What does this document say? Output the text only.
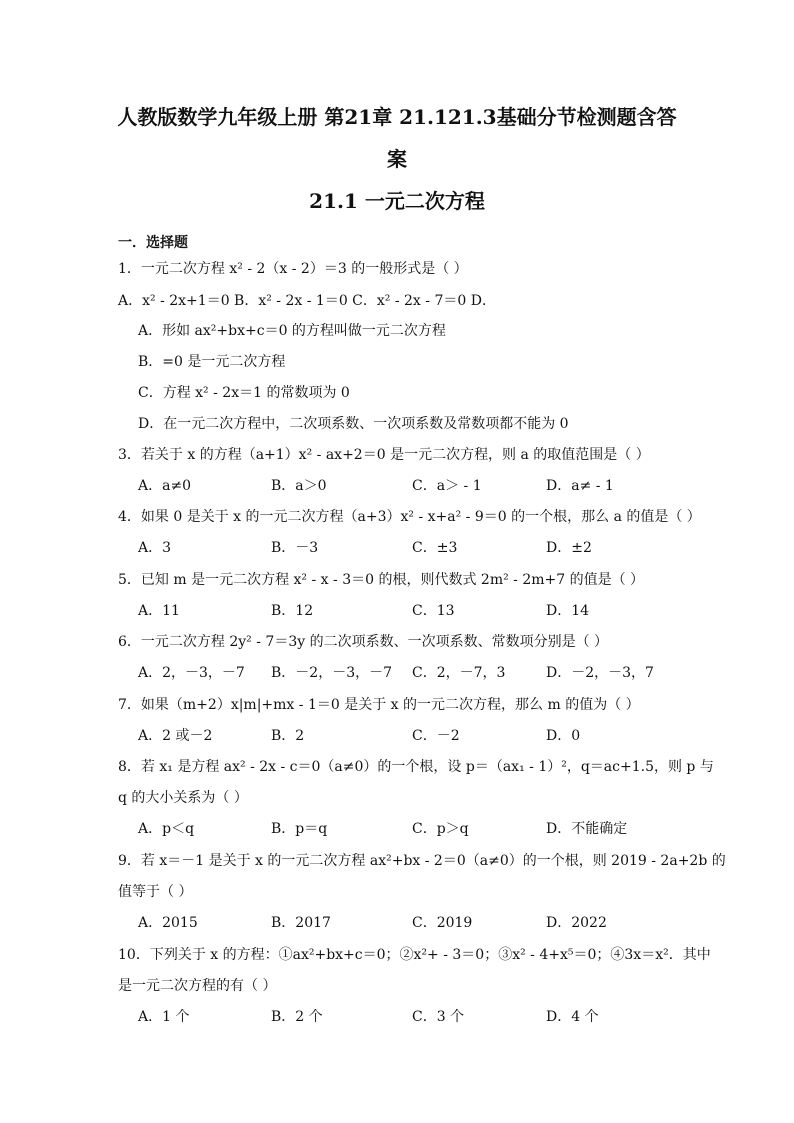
人教版数学九年级上册 第21章 21.121.3基础分节检测题含答
案
21.1 一元二次方程
一．选择题
1．一元二次方程 x² - 2（x - 2）＝3 的一般形式是（ ）
A．x² - 2x+1＝0 B．x² - 2x - 1＝0 C．x² - 2x - 7＝0 D．
A．形如 ax²+bx+c＝0 的方程叫做一元二次方程
B．=0 是一元二次方程
C．方程 x² - 2x＝1 的常数项为 0
D．在一元二次方程中，二次项系数、一次项系数及常数项都不能为 0
3．若关于 x 的方程（a+1）x² - ax+2＝0 是一元二次方程，则 a 的取值范围是（ ）
A．a≠0	B．a＞0	C．a＞ - 1	D．a≠ - 1
4．如果 0 是关于 x 的一元二次方程（a+3）x² - x+a² - 9＝0 的一个根，那么 a 的值是（ ）
A．3	B．－3	C．±3	D．±2
5．已知 m 是一元二次方程 x² - x - 3＝0 的根，则代数式 2m² - 2m+7 的值是（ ）
A．11	B．12	C．13	D．14
6．一元二次方程 2y² - 7＝3y 的二次项系数、一次项系数、常数项分别是（ ）
A．2，－3，－7 B．－2，－3，－7 C．2，－7，3	D．－2，－3，7
7．如果（m+2）x|m|+mx - 1＝0 是关于 x 的一元二次方程，那么 m 的值为（ ）
A．2 或－2	B．2	C．－2	D．0
8．若 x₁ 是方程 ax² - 2x - c＝0（a≠0）的一个根，设 p＝（ax₁ - 1）²，q＝ac+1.5，则 p 与
q 的大小关系为（ ）
A．p＜q	B．p＝q	C．p＞q	D．不能确定
9．若 x＝－1 是关于 x 的一元二次方程 ax²+bx - 2＝0（a≠0）的一个根，则 2019 - 2a+2b 的
值等于（ ）
A．2015	B．2017	C．2019	D．2022
10．下列关于 x 的方程：①ax²+bx+c＝0；②x²+ - 3＝0；③x² - 4+x⁵＝0；④3x＝x²．其中
是一元二次方程的有（ ）
A．1 个	B．2 个	C．3 个	D．4 个
